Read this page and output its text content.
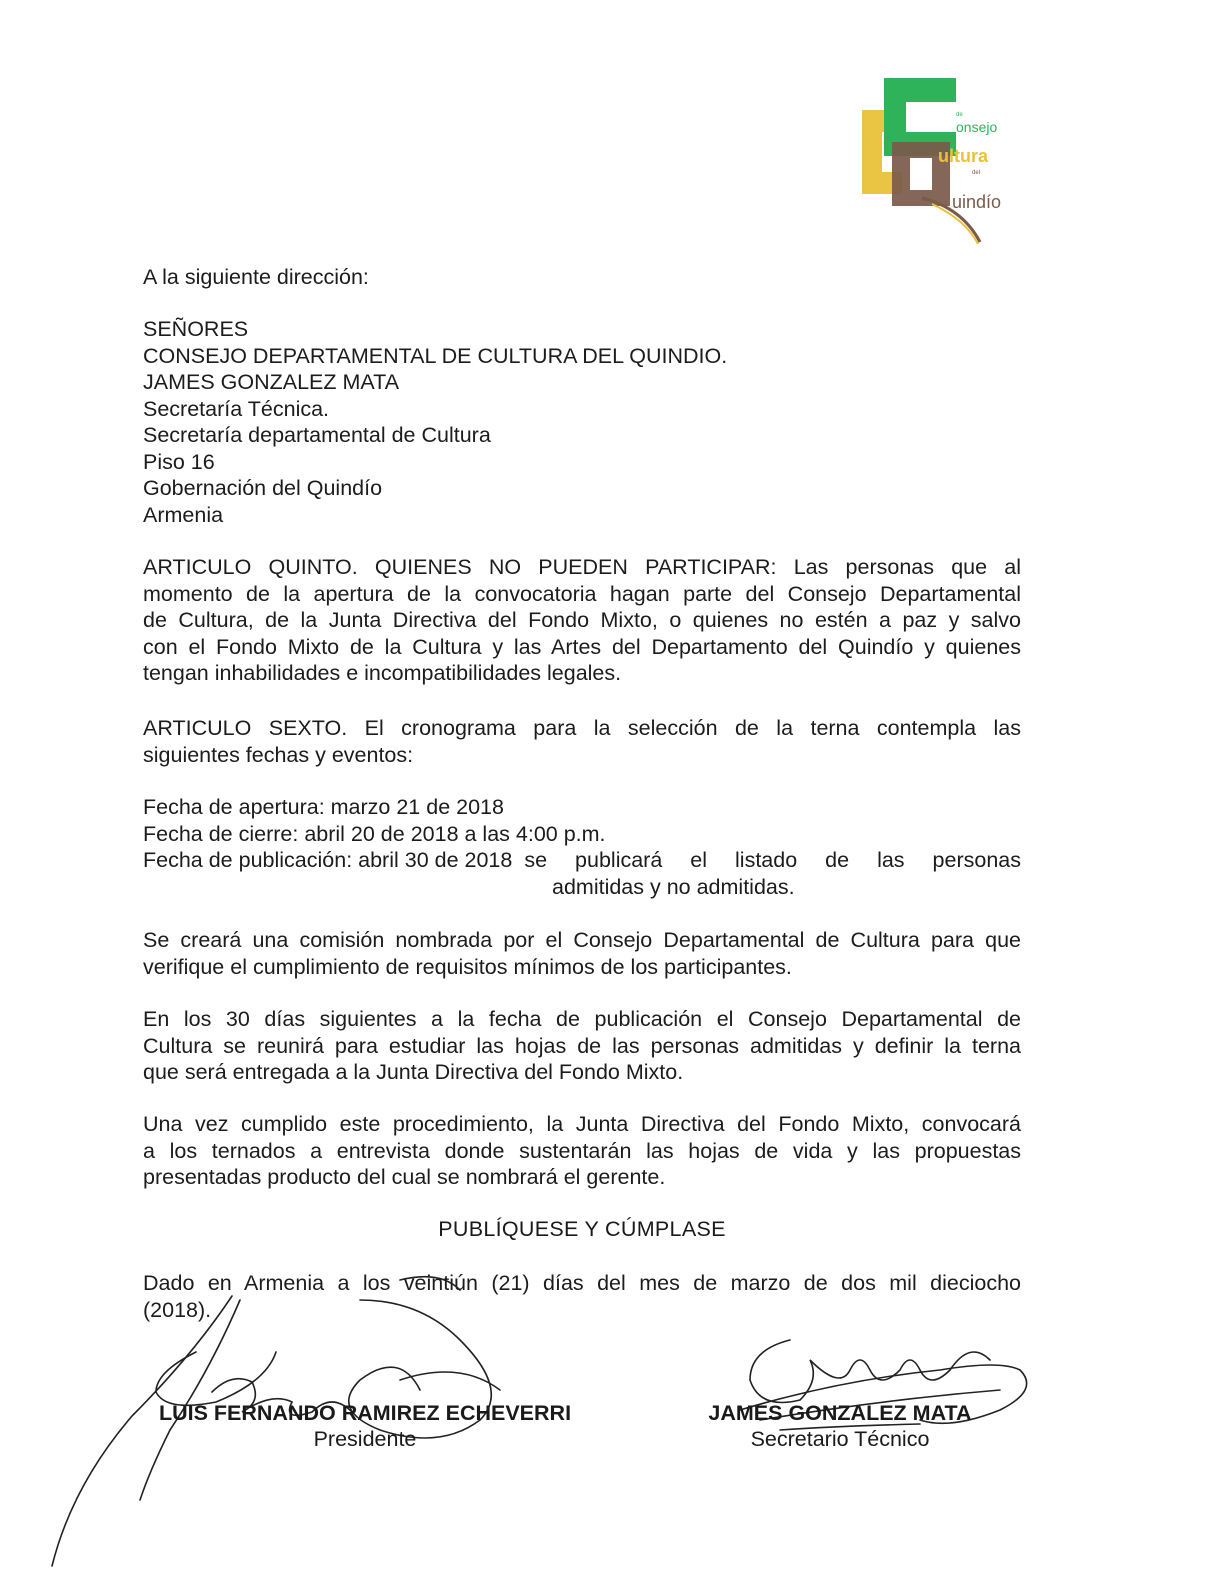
onsejo
de
ultura
del
uindío
A la siguiente dirección:
SEÑORES
CONSEJO DEPARTAMENTAL DE CULTURA DEL QUINDIO.
JAMES GONZALEZ MATA
Secretaría Técnica.
Secretaría departamental de Cultura
Piso 16
Gobernación del Quindío
Armenia
ARTICULO QUINTO. QUIENES NO PUEDEN PARTICIPAR: Las personas que al
momento de la apertura de la convocatoria hagan parte del Consejo Departamental
de Cultura, de la Junta Directiva del Fondo Mixto, o quienes no estén a paz y salvo
con el Fondo Mixto de la Cultura y las Artes del Departamento del Quindío y quienes
tengan inhabilidades e incompatibilidades legales.
ARTICULO SEXTO. El cronograma para la selección de la terna contempla las
siguientes fechas y eventos:
Fecha de apertura: marzo 21 de 2018
Fecha de cierre: abril 20 de 2018 a las 4:00 p.m.
Fecha de publicación: abril 30 de 2018 se publicará el listado de las personas
admitidas y no admitidas.
Se creará una comisión nombrada por el Consejo Departamental de Cultura para que
verifique el cumplimiento de requisitos mínimos de los participantes.
En los 30 días siguientes a la fecha de publicación el Consejo Departamental de
Cultura se reunirá para estudiar las hojas de las personas admitidas y definir la terna
que será entregada a la Junta Directiva del Fondo Mixto.
Una vez cumplido este procedimiento, la Junta Directiva del Fondo Mixto, convocará
a los ternados a entrevista donde sustentarán las hojas de vida y las propuestas
presentadas producto del cual se nombrará el gerente.
PUBLÍQUESE Y CÚMPLASE
Dado en Armenia a los veintiún (21) días del mes de marzo de dos mil dieciocho
(2018).
LUIS FERNANDO RAMIREZ ECHEVERRI
Presidente
JAMES GONZALEZ MATA
Secretario Técnico
